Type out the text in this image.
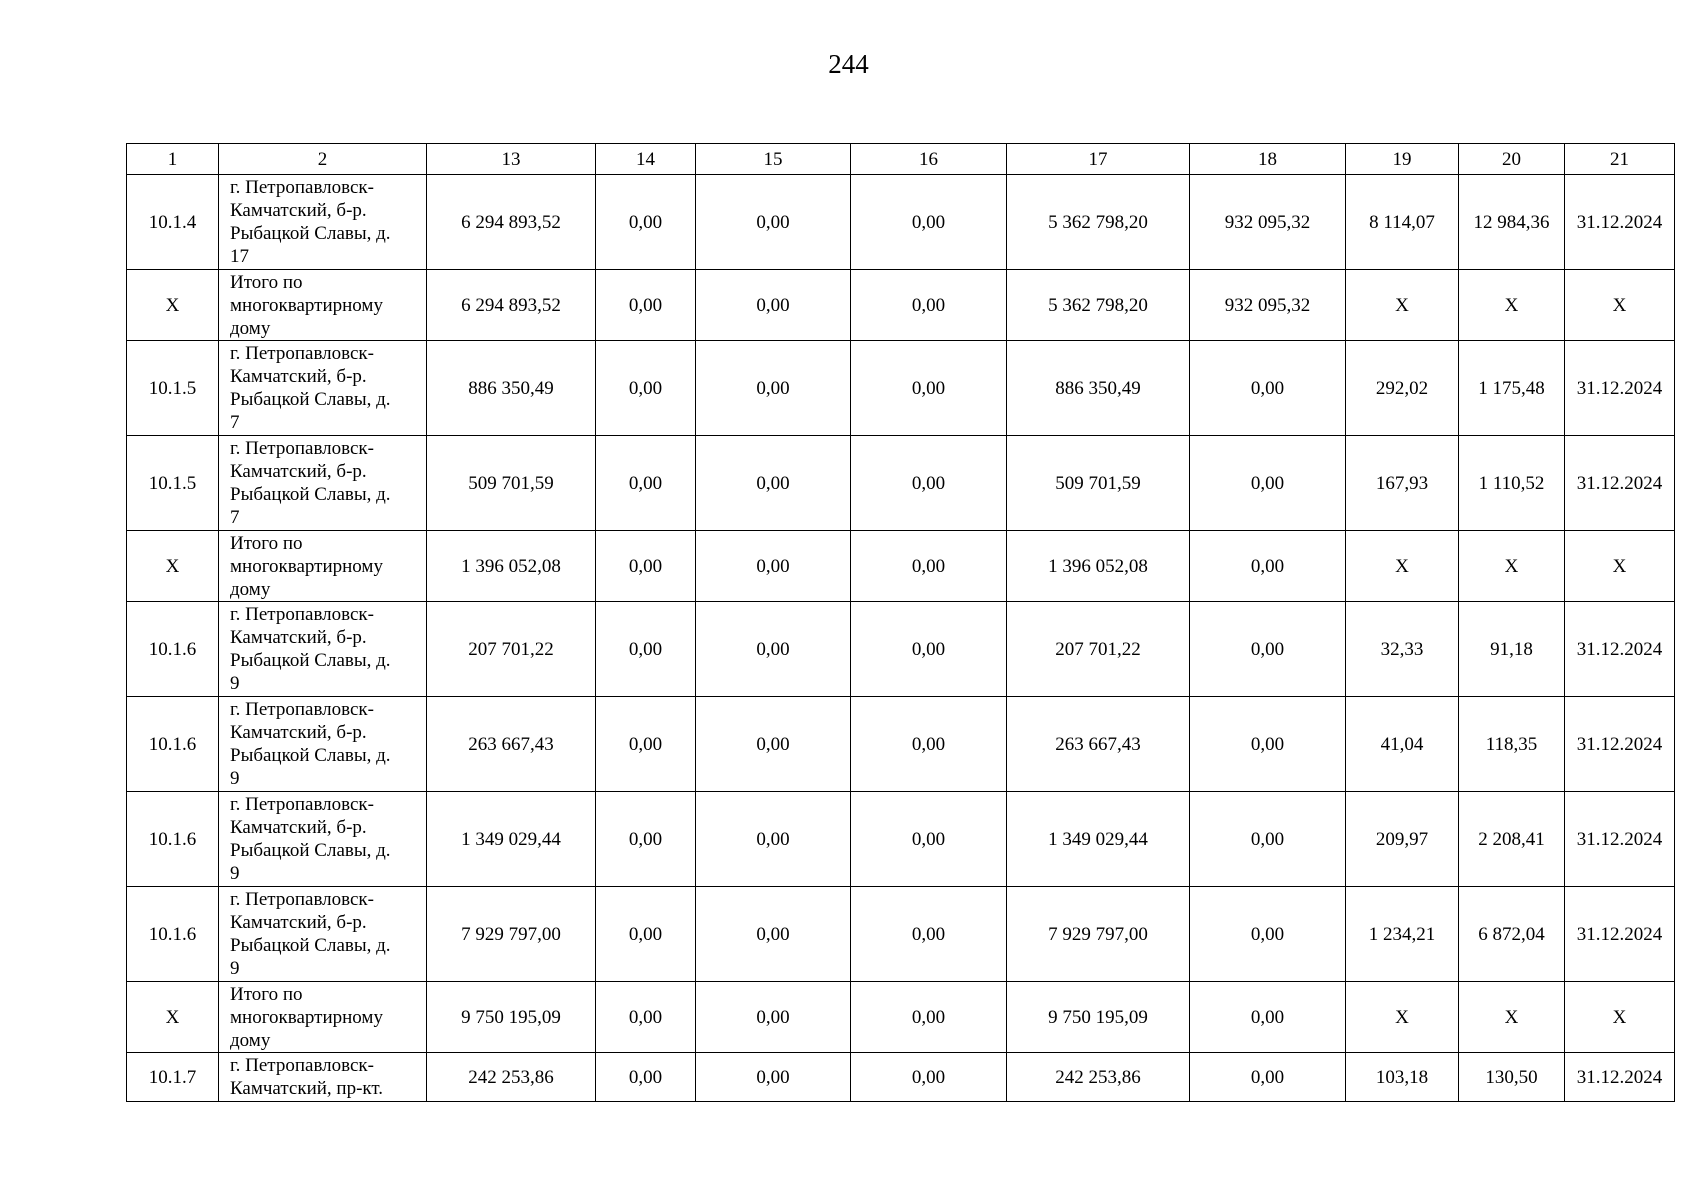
244
1	2	13	14	15	16	17	18	19	20	21
10.1.4	г. Петропавловск-
Камчатский, б-р.
Рыбацкой Славы, д.
17	6 294 893,52	0,00	0,00	0,00	5 362 798,20	932 095,32	8 114,07	12 984,36	31.12.2024
X	Итого по
многоквартирному
дому	6 294 893,52	0,00	0,00	0,00	5 362 798,20	932 095,32	X	X	X
10.1.5	г. Петропавловск-
Камчатский, б-р.
Рыбацкой Славы, д.
7	886 350,49	0,00	0,00	0,00	886 350,49	0,00	292,02	1 175,48	31.12.2024
10.1.5	г. Петропавловск-
Камчатский, б-р.
Рыбацкой Славы, д.
7	509 701,59	0,00	0,00	0,00	509 701,59	0,00	167,93	1 110,52	31.12.2024
X	Итого по
многоквартирному
дому	1 396 052,08	0,00	0,00	0,00	1 396 052,08	0,00	X	X	X
10.1.6	г. Петропавловск-
Камчатский, б-р.
Рыбацкой Славы, д.
9	207 701,22	0,00	0,00	0,00	207 701,22	0,00	32,33	91,18	31.12.2024
10.1.6	г. Петропавловск-
Камчатский, б-р.
Рыбацкой Славы, д.
9	263 667,43	0,00	0,00	0,00	263 667,43	0,00	41,04	118,35	31.12.2024
10.1.6	г. Петропавловск-
Камчатский, б-р.
Рыбацкой Славы, д.
9	1 349 029,44	0,00	0,00	0,00	1 349 029,44	0,00	209,97	2 208,41	31.12.2024
10.1.6	г. Петропавловск-
Камчатский, б-р.
Рыбацкой Славы, д.
9	7 929 797,00	0,00	0,00	0,00	7 929 797,00	0,00	1 234,21	6 872,04	31.12.2024
X	Итого по
многоквартирному
дому	9 750 195,09	0,00	0,00	0,00	9 750 195,09	0,00	X	X	X
10.1.7	г. Петропавловск-
Камчатский, пр-кт.	242 253,86	0,00	0,00	0,00	242 253,86	0,00	103,18	130,50	31.12.2024
